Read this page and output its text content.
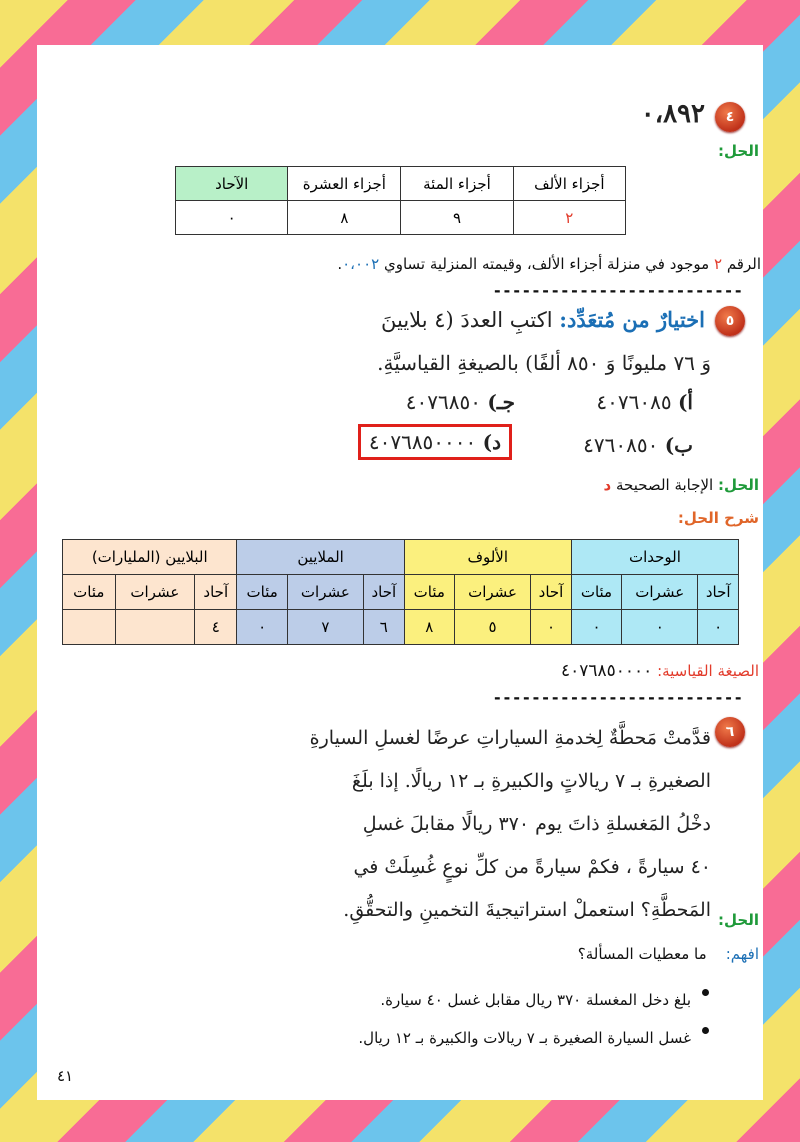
٤
٠،٨٩٢
الحل:
أجزاء الألف	أجزاء المئة	أجزاء العشرة	الآحاد
٢	٩	٨	٠
الرقم ٢ موجود في منزلة أجزاء الألف، وقيمته المنزلية تساوي ٠،٠٠٢.
--------------------------
٥
اختيارٌ من مُتعَدِّد: اكتبِ العددَ (٤ بلايينَ
وَ ٧٦ مليونًا وَ ٨٥٠ ألفًا) بالصيغةِ القياسيَّةِ.
أ) ٤٠٧٦٠٨٥
جـ) ٤٠٧٦٨٥٠
ب) ٤٧٦٠٨٥٠
د) ٤٠٧٦٨٥٠٠٠٠
الحل: الإجابة الصحيحة د
شرح الحل:
الوحدات			الألوف			الملايين			البلايين (المليارات)		
آحاد	عشرات	مئات	آحاد	عشرات	مئات	آحاد	عشرات	مئات	آحاد	عشرات	مئات
٠	٠	٠	٠	٥	٨	٦	٧	٠	٤		
الصيغة القياسية: ٤٠٧٦٨٥٠٠٠٠
--------------------------
٦
قدَّمتْ مَحطَّةٌ لِخدمةِ السياراتِ عرضًا لغسلِ السيارةِ
الصغيرةِ بـ ٧ ريالاتٍ والكبيرةِ بـ ١٢ ريالًا. إذا بلَغَ
دخْلُ المَغسلةِ ذاتَ يوم ٣٧٠ ريالًا مقابلَ غسلِ
٤٠ سيارةً ، فكمْ سيارةً من كلِّ نوعٍ غُسِلَتْ في
المَحطَّةِ؟ استعملْ استراتيجيةَ التخمينِ والتحقُّقِ. الحل:
افهم:    ما معطيات المسألة؟
بلغ دخل المغسلة ٣٧٠ ريال مقابل غسل ٤٠ سيارة.
غسل السيارة الصغيرة بـ ٧ ريالات والكبيرة بـ ١٢ ريال.
٤١
